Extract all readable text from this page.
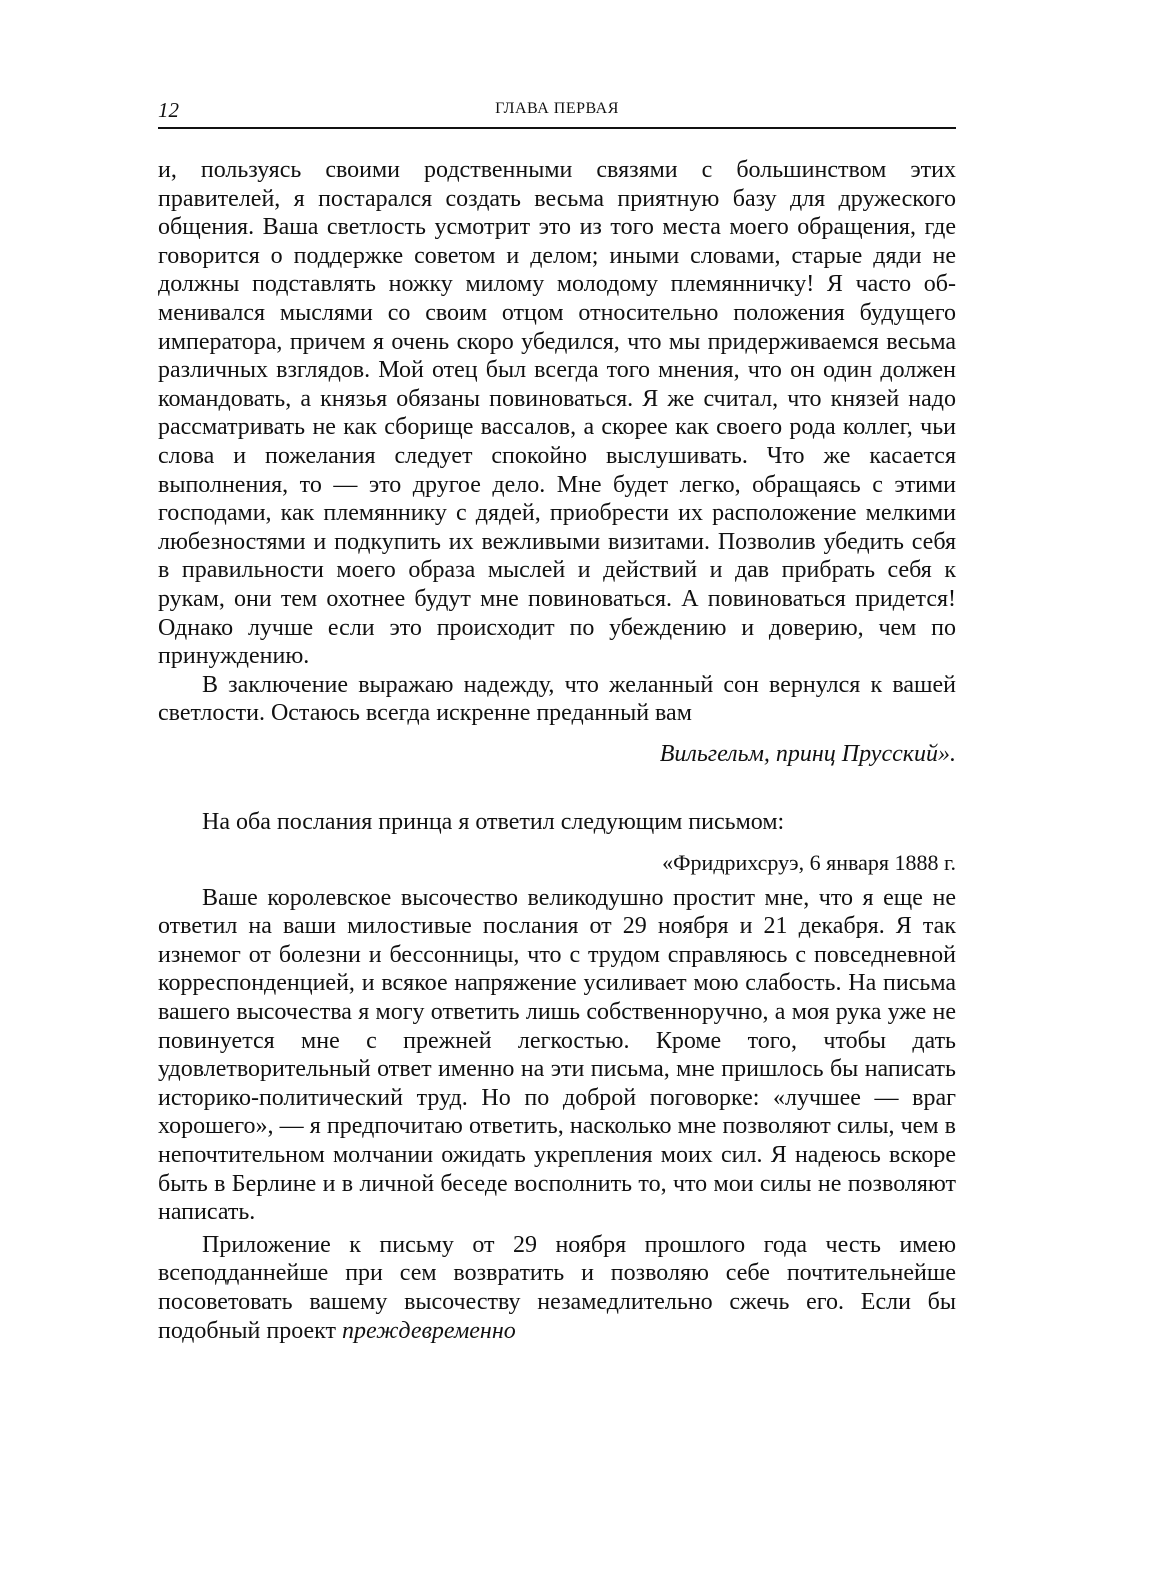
12	ГЛАВА ПЕРВАЯ

и, пользуясь своими родственными связями с большинством этих правителей, я постарался создать весьма приятную базу для дружеского общения. Ваша светлость усмотрит это из того места моего обращения, где говорится о поддержке советом и делом; иными словами, старые дяди не должны подставлять ножку милому молодому племянничку! Я часто обменивался мыслями со своим отцом относительно положения будущего императора, причем я очень скоро убедился, что мы придерживаемся весьма различных взглядов. Мой отец был всегда того мнения, что он один должен командовать, а князья обязаны повиноваться. Я же считал, что князей надо рассматривать не как сборище вассалов, а скорее как своего рода коллег, чьи слова и пожелания следует спокойно выслушивать. Что же касается выполнения, то — это другое дело. Мне будет легко, обращаясь с этими господами, как племяннику с дядей, приобрести их расположение мелкими любезностями и подкупить их вежливыми визитами. Позволив убедить себя в правильности моего образа мыслей и действий и дав прибрать себя к рукам, они тем охотнее будут мне повиноваться. А повиноваться придется! Однако лучше если это происходит по убеждению и доверию, чем по принуждению.

В заключение выражаю надежду, что желанный сон вернулся к вашей светлости. Остаюсь всегда искренне преданный вам

Вильгельм, принц Прусский».

На оба послания принца я ответил следующим письмом:

«Фридрихсруэ, 6 января 1888 г.

Ваше королевское высочество великодушно простит мне, что я еще не ответил на ваши милостивые послания от 29 ноября и 21 декабря. Я так изнемог от болезни и бессонницы, что с трудом справляюсь с повседневной корреспонденцией, и всякое напряжение усиливает мою слабость. На письма вашего высочества я могу ответить лишь собственноручно, а моя рука уже не повинуется мне с прежней легкостью. Кроме того, чтобы дать удовлетворительный ответ именно на эти письма, мне пришлось бы написать историко-политический труд. Но по доброй поговорке: «лучшее — враг хорошего», — я предпочитаю ответить, насколько мне позволяют силы, чем в непочтительном молчании ожидать укрепления моих сил. Я надеюсь вскоре быть в Берлине и в личной беседе восполнить то, что мои силы не позволяют написать.

Приложение к письму от 29 ноября прошлого года честь имею всеподданнейше при сем возвратить и позволяю себе почтительнейше посоветовать вашему высочеству незамедлительно сжечь его. Если бы подобный проект преждевременно
